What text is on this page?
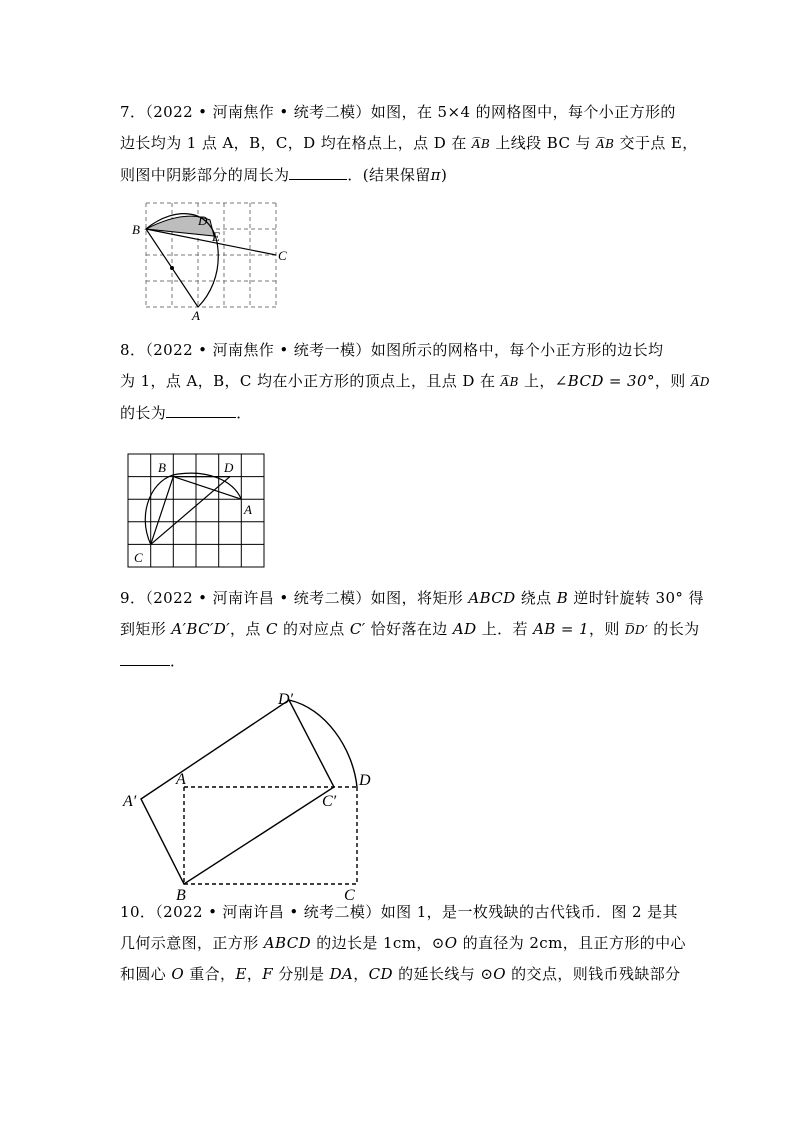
7．（2022 • 河南焦作 • 统考二模）如图，在 5×4 的网格图中，每个小正方形的
边长均为 1 点 A，B，C，D 均在格点上，点 D 在 ⌒ AB 上线段 BC 与 ⌒ AB 交于点 E，
则图中阴影部分的周长为	．(结果保留π)
B
D
E
C
A
8．（2022 • 河南焦作 • 统考一模）如图所示的网格中，每个小正方形的边长均
为 1，点 A，B，C 均在小正方形的顶点上，且点 D 在 ⌒ AB 上，∠BCD = 30°，则 ⌒ AD
的长为	．
B	D
A
C
9．（2022 • 河南许昌 • 统考二模）如图，将矩形 ABCD 绕点 B 逆时针旋转 30° 得
到矩形 A′BC′D′，点 C 的对应点 C′ 恰好落在边 AD 上．若 AB = 1，则 ⌒ DD′ 的长为
．
D′
A
A′	C′
D
B	C
10．（2022 • 河南许昌 • 统考二模）如图 1，是一枚残缺的古代钱币．图 2 是其
几何示意图，正方形 ABCD 的边长是 1cm，⊙O 的直径为 2cm，且正方形的中心
和圆心 O 重合，E，F 分别是 DA，CD 的延长线与 ⊙O 的交点，则钱币残缺部分
